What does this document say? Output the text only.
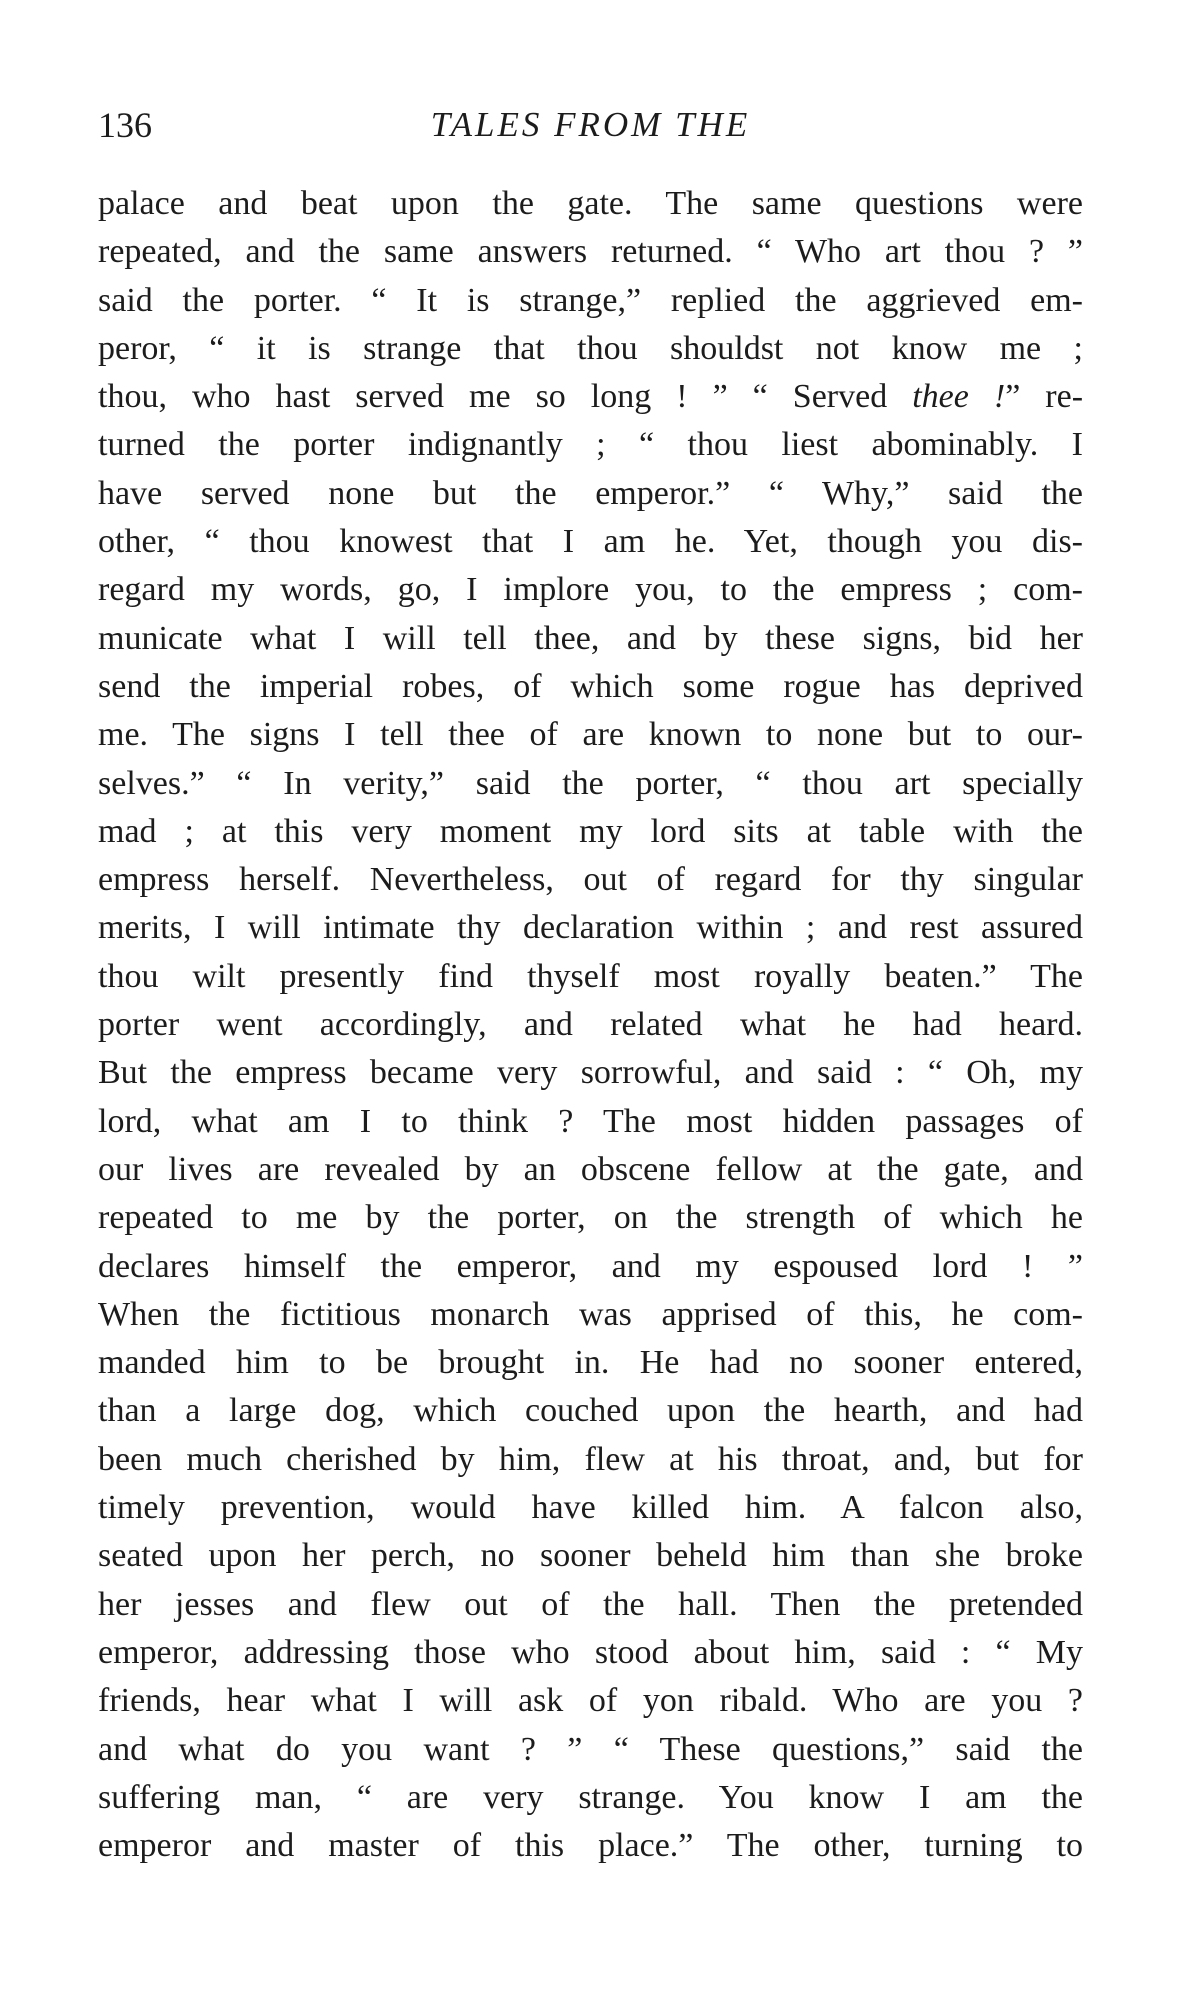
136	TALES FROM THE
palace and beat upon the gate. The same questions were
repeated, and the same answers returned. “ Who art thou ? ”
said the porter. “ It is strange,” replied the aggrieved em-
peror, “ it is strange that thou shouldst not know me ;
thou, who hast served me so long ! ” “ Served thee !” re-
turned the porter indignantly ; “ thou liest abominably. I
have served none but the emperor.” “ Why,” said the
other, “ thou knowest that I am he. Yet, though you dis-
regard my words, go, I implore you, to the empress ; com-
municate what I will tell thee, and by these signs, bid her
send the imperial robes, of which some rogue has deprived
me. The signs I tell thee of are known to none but to our-
selves.” “ In verity,” said the porter, “ thou art specially
mad ; at this very moment my lord sits at table with the
empress herself. Nevertheless, out of regard for thy singular
merits, I will intimate thy declaration within ; and rest assured
thou wilt presently find thyself most royally beaten.” The
porter went accordingly, and related what he had heard.
But the empress became very sorrowful, and said : “ Oh, my
lord, what am I to think ? The most hidden passages of
our lives are revealed by an obscene fellow at the gate, and
repeated to me by the porter, on the strength of which he
declares himself the emperor, and my espoused lord ! ”
When the fictitious monarch was apprised of this, he com-
manded him to be brought in. He had no sooner entered,
than a large dog, which couched upon the hearth, and had
been much cherished by him, flew at his throat, and, but for
timely prevention, would have killed him. A falcon also,
seated upon her perch, no sooner beheld him than she broke
her jesses and flew out of the hall. Then the pretended
emperor, addressing those who stood about him, said : “ My
friends, hear what I will ask of yon ribald. Who are you ?
and what do you want ? ” “ These questions,” said the
suffering man, “ are very strange. You know I am the
emperor and master of this place.” The other, turning to
